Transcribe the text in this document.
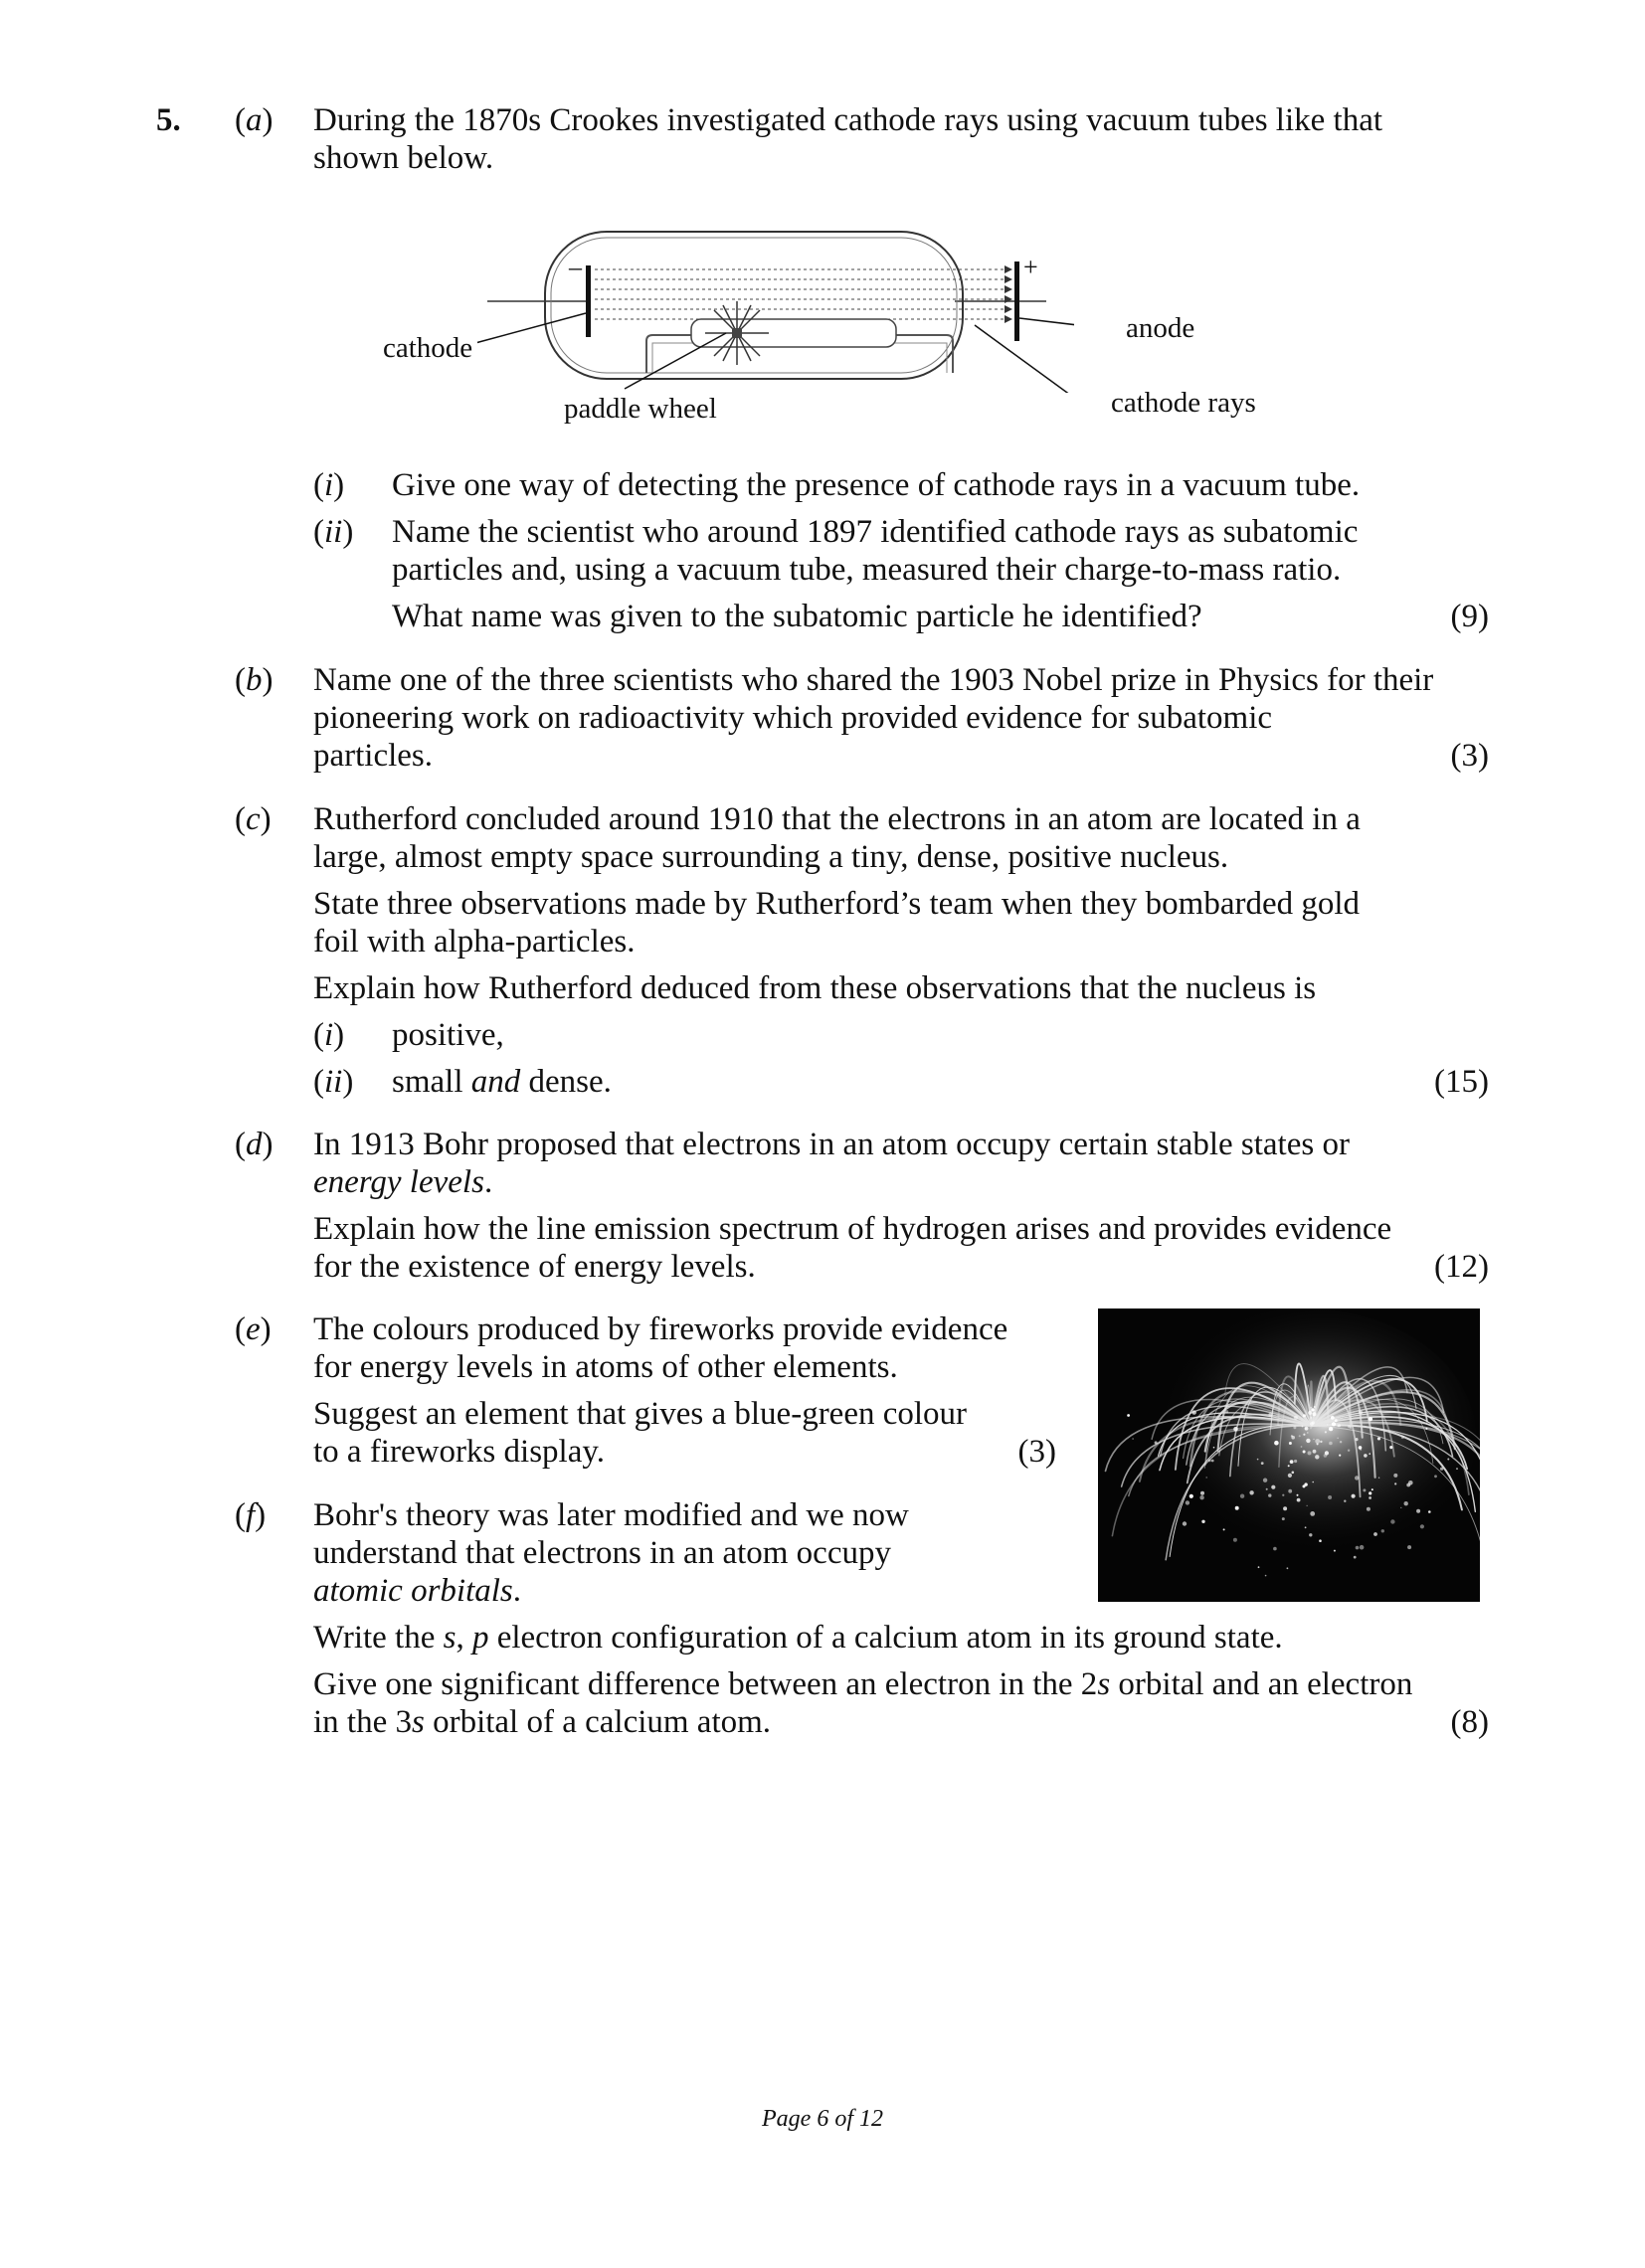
5. (a) During the 1870s Crookes investigated cathode rays using vacuum tubes like that
shown below.
–	+
cathode
anode
paddle wheel	cathode rays
(i) Give one way of detecting the presence of cathode rays in a vacuum tube.
(ii) Name the scientist who around 1897 identified cathode rays as subatomic
particles and, using a vacuum tube, measured their charge-to-mass ratio.
What name was given to the subatomic particle he identified?	(9)
(b) Name one of the three scientists who shared the 1903 Nobel prize in Physics for their
pioneering work on radioactivity which provided evidence for subatomic
particles.	(3)
(c) Rutherford concluded around 1910 that the electrons in an atom are located in a
large, almost empty space surrounding a tiny, dense, positive nucleus.
State three observations made by Rutherford’s team when they bombarded gold
foil with alpha-particles.
Explain how Rutherford deduced from these observations that the nucleus is
(i) positive,
(ii) small and dense.	(15)
(d) In 1913 Bohr proposed that electrons in an atom occupy certain stable states or
energy levels.
Explain how the line emission spectrum of hydrogen arises and provides evidence
for the existence of energy levels.	(12)
(e) The colours produced by fireworks provide evidence
for energy levels in atoms of other elements.
Suggest an element that gives a blue-green colour
to a fireworks display.	(3)
(f) Bohr's theory was later modified and we now
understand that electrons in an atom occupy
atomic orbitals.
Write the s, p electron configuration of a calcium atom in its ground state.
Give one significant difference between an electron in the 2s orbital and an electron
in the 3s orbital of a calcium atom.	(8)
Page 6 of 12
